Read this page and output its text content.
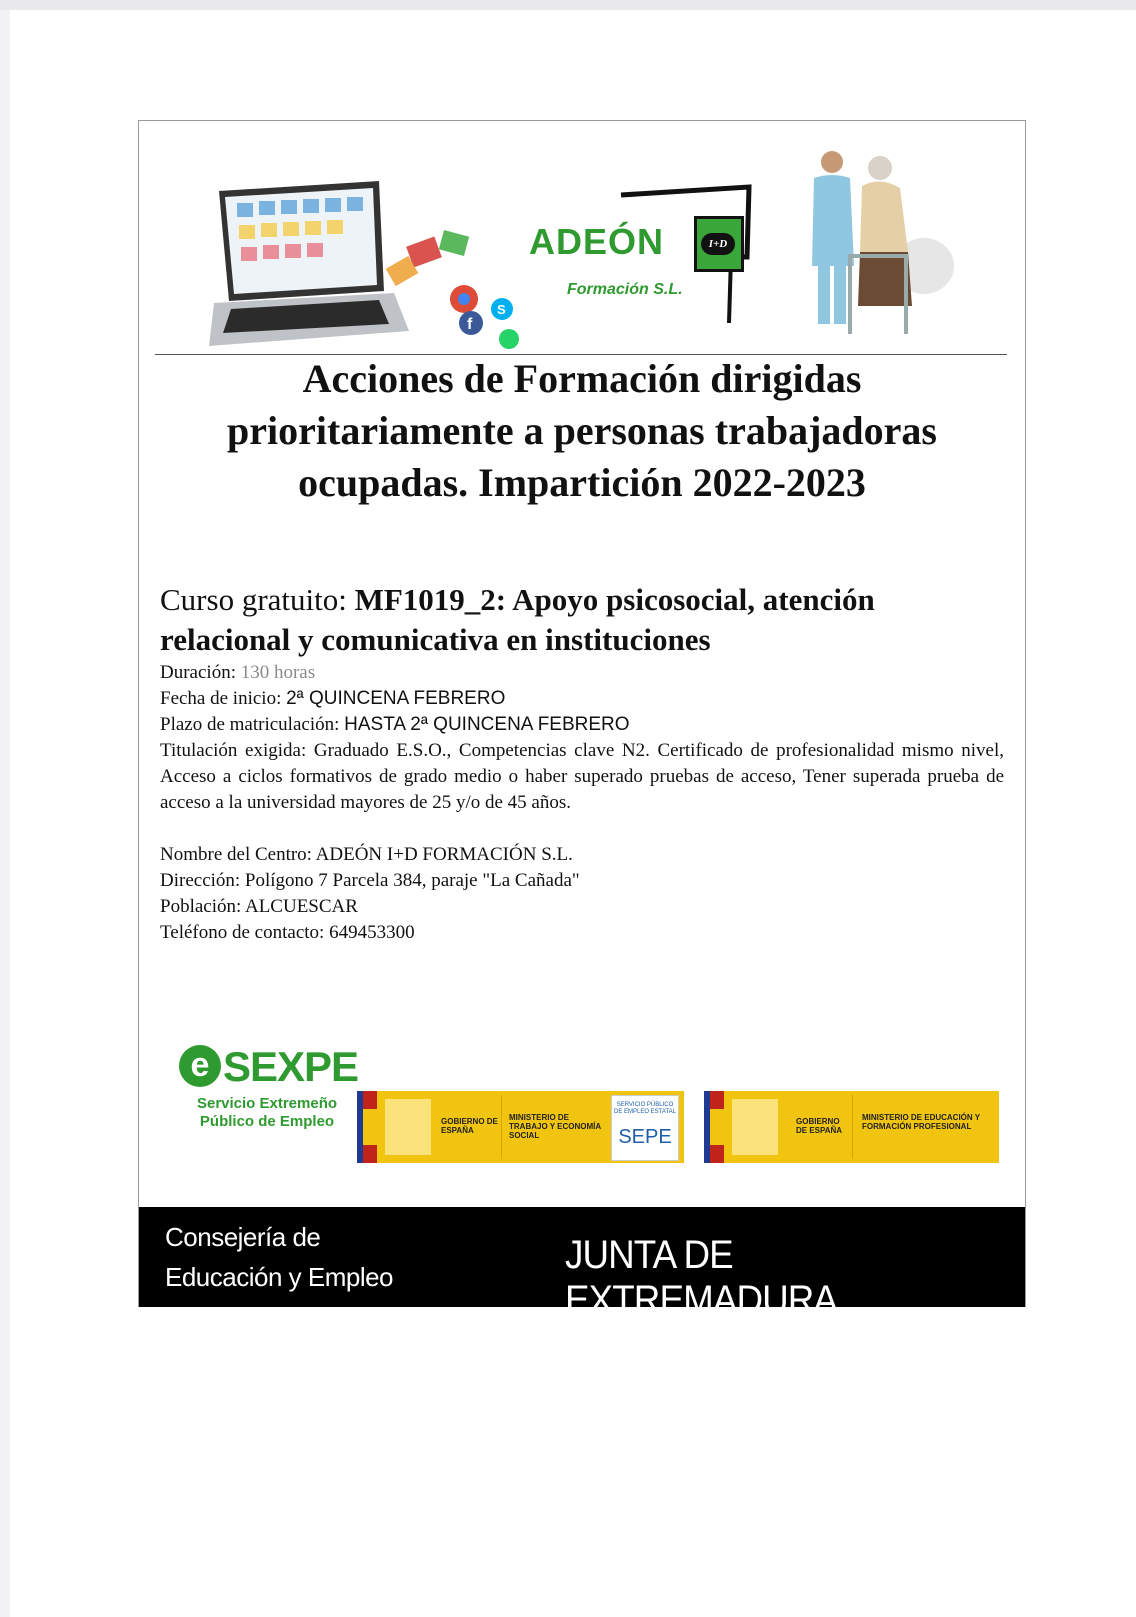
f
S
ADEÓN
Formación S.L.
I+D
Acciones de Formación dirigidas prioritariamente a personas trabajadoras ocupadas. Impartición 2022-2023
Curso gratuito: MF1019_2: Apoyo psicosocial, atención relacional y comunicativa en instituciones
Duración: 130 horas
Fecha de inicio: 2ª QUINCENA FEBRERO
Plazo de matriculación: HASTA 2ª QUINCENA FEBRERO
Titulación exigida: Graduado E.S.O., Competencias clave N2. Certificado de profesionalidad mismo nivel, Acceso a ciclos formativos de grado medio o haber superado pruebas de acceso, Tener superada prueba de acceso a la universidad mayores de 25 y/o de 45 años.
Nombre del Centro: ADEÓN I+D FORMACIÓN S.L.
Dirección: Polígono 7 Parcela 384, paraje "La Cañada"
Población: ALCUESCAR
Teléfono de contacto: 649453300
e SEXPE
Servicio Extremeño Público de Empleo	GOBIERNO DE ESPAÑA
MINISTERIO DE TRABAJO Y ECONOMÍA SOCIAL
SERVICIO PÚBLICO DE EMPLEO ESTATAL
SEPE
GOBIERNO DE ESPAÑA
MINISTERIO DE EDUCACIÓN Y FORMACIÓN PROFESIONAL
Consejería de
Educación y Empleo	JUNTA DE EXTREMADURA
